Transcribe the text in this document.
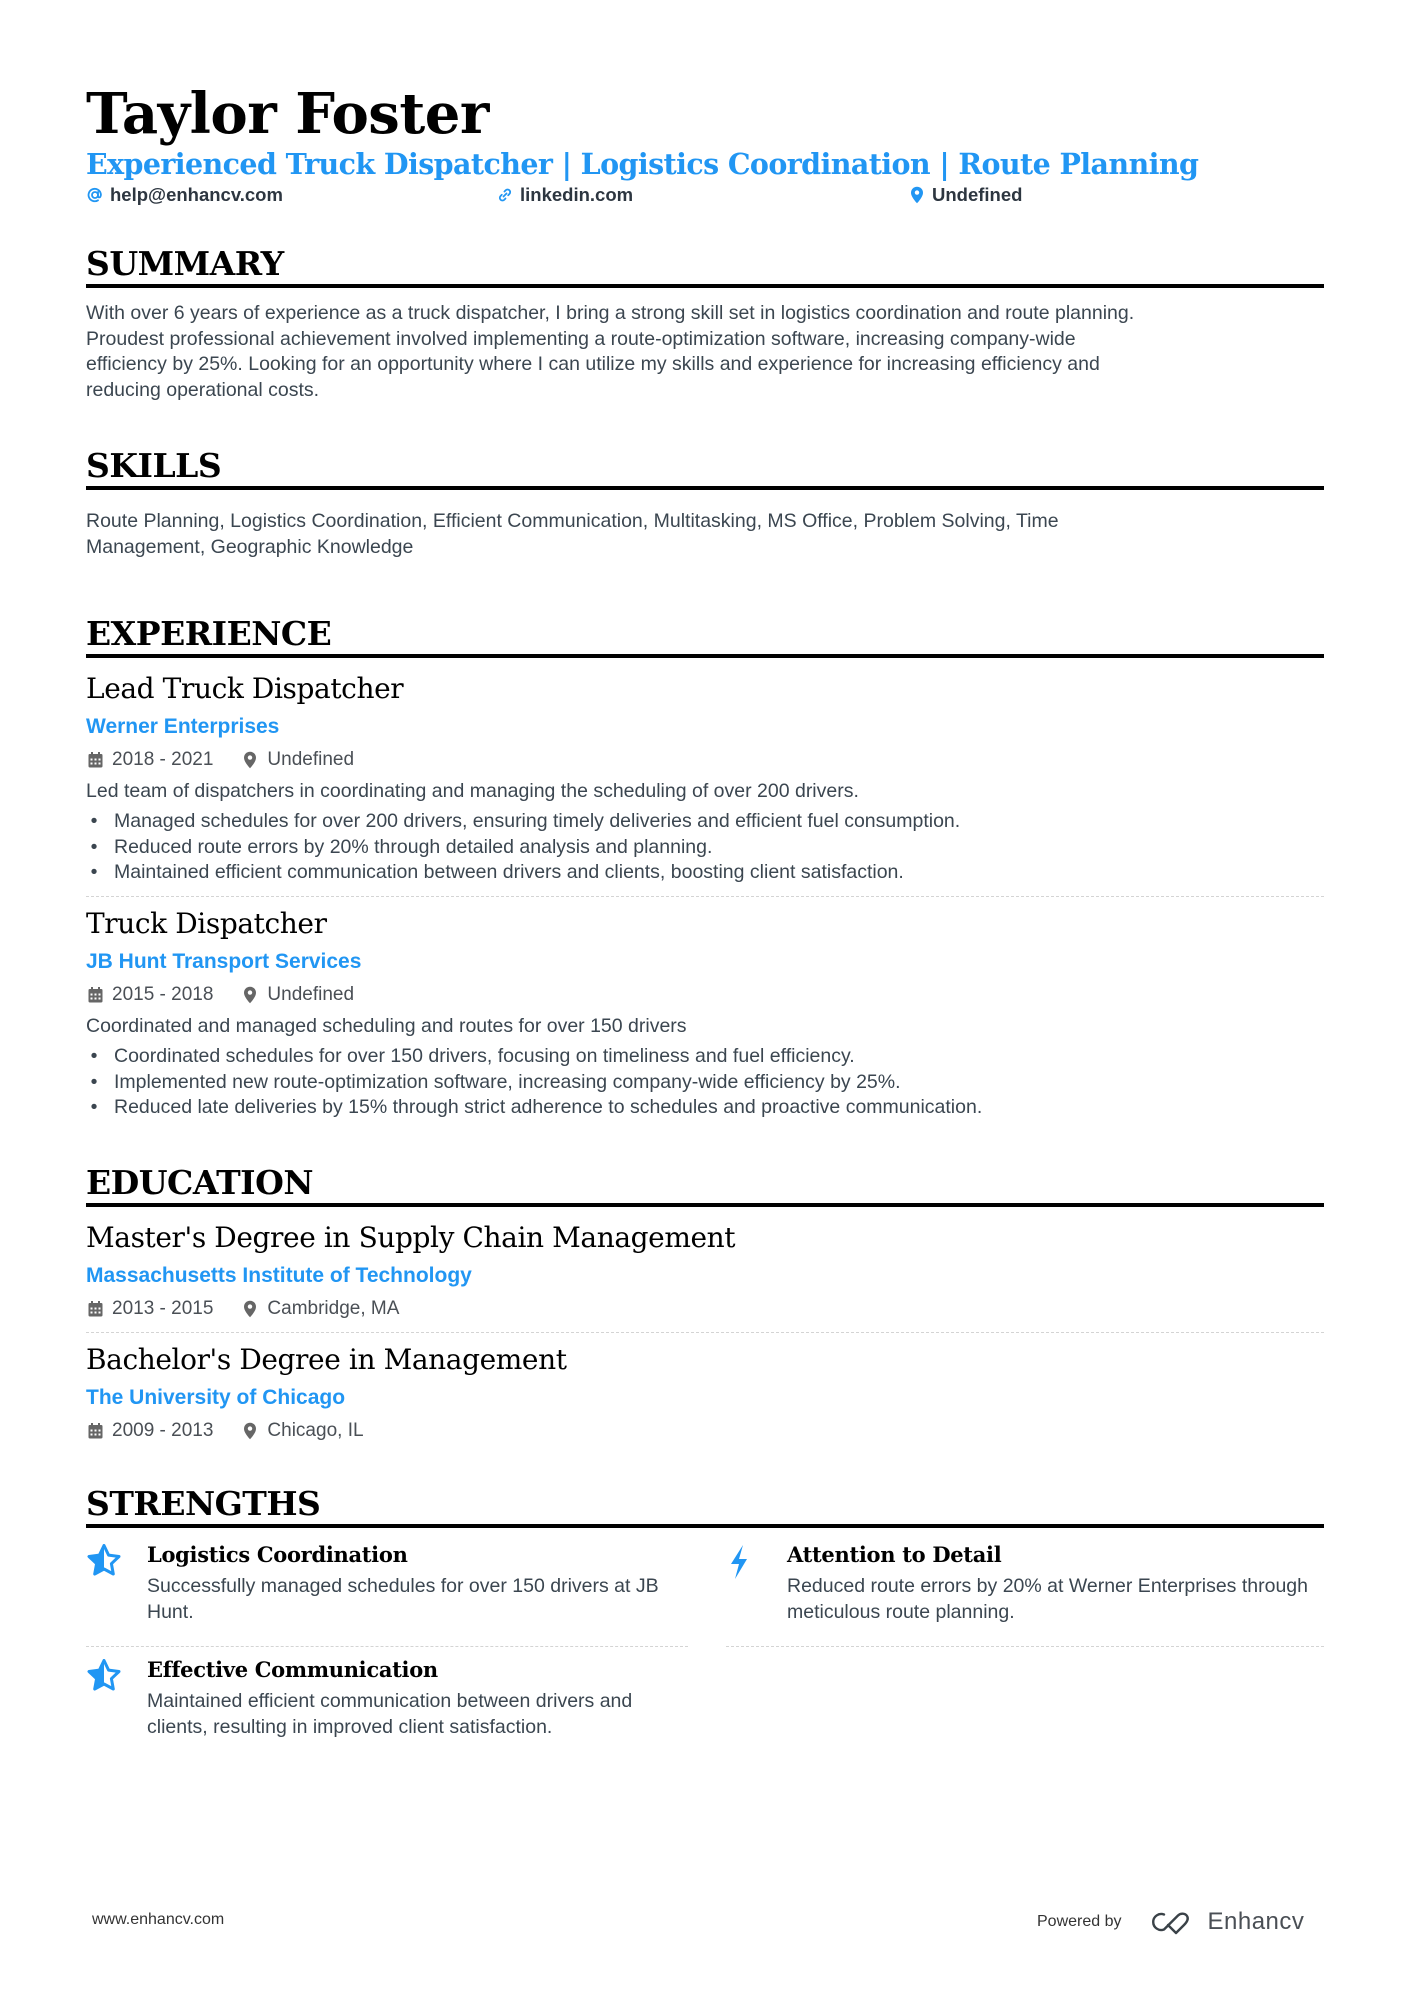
Taylor Foster
Experienced Truck Dispatcher | Logistics Coordination | Route Planning
help@enhancv.com	linkedin.com	Undefined
SUMMARY
With over 6 years of experience as a truck dispatcher, I bring a strong skill set in logistics coordination and route planning.
Proudest professional achievement involved implementing a route-optimization software, increasing company-wide
efficiency by 25%. Looking for an opportunity where I can utilize my skills and experience for increasing efficiency and
reducing operational costs.
SKILLS
Route Planning, Logistics Coordination, Efficient Communication, Multitasking, MS Office, Problem Solving, Time
Management, Geographic Knowledge
EXPERIENCE
Lead Truck Dispatcher
Werner Enterprises
2018 - 2021	Undefined
Led team of dispatchers in coordinating and managing the scheduling of over 200 drivers.
• Managed schedules for over 200 drivers, ensuring timely deliveries and efficient fuel consumption.
• Reduced route errors by 20% through detailed analysis and planning.
• Maintained efficient communication between drivers and clients, boosting client satisfaction.
Truck Dispatcher
JB Hunt Transport Services
2015 - 2018	Undefined
Coordinated and managed scheduling and routes for over 150 drivers
• Coordinated schedules for over 150 drivers, focusing on timeliness and fuel efficiency.
• Implemented new route-optimization software, increasing company-wide efficiency by 25%.
• Reduced late deliveries by 15% through strict adherence to schedules and proactive communication.
EDUCATION
Master's Degree in Supply Chain Management
Massachusetts Institute of Technology
2013 - 2015	Cambridge, MA
Bachelor's Degree in Management
The University of Chicago
2009 - 2013	Chicago, IL
STRENGTHS
Logistics Coordination
Successfully managed schedules for over 150 drivers at JB Hunt.
Attention to Detail
Reduced route errors by 20% at Werner Enterprises through meticulous route planning.
Effective Communication
Maintained efficient communication between drivers and clients, resulting in improved client satisfaction.
www.enhancv.com	Powered by	Enhancv
